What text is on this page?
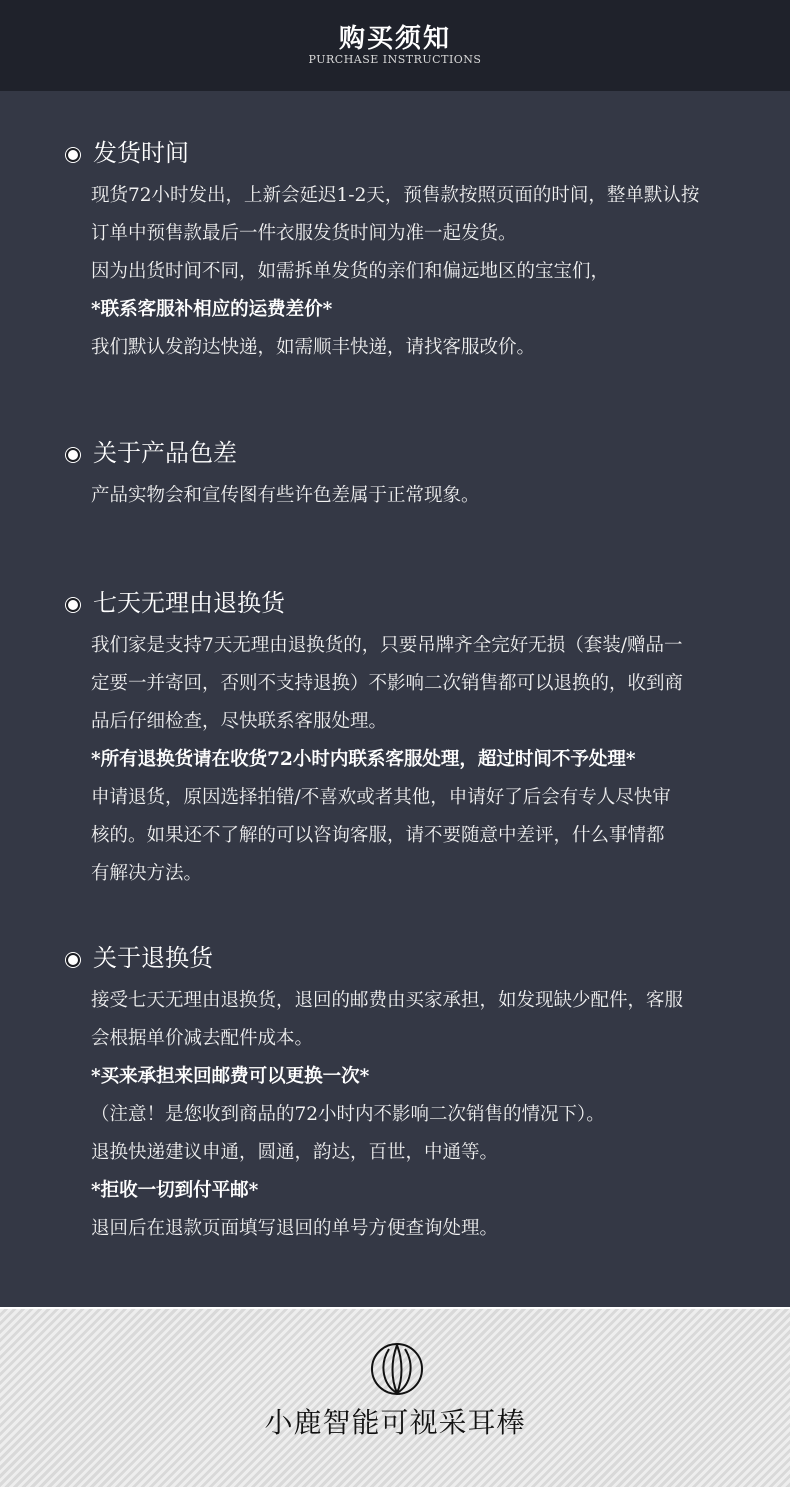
购买须知
PURCHASE INSTRUCTIONS
发货时间
现货72小时发出，上新会延迟1-2天，预售款按照页面的时间，整单默认按
订单中预售款最后一件衣服发货时间为准一起发货。
因为出货时间不同，如需拆单发货的亲们和偏远地区的宝宝们，
*联系客服补相应的运费差价*
我们默认发韵达快递，如需顺丰快递，请找客服改价。
关于产品色差
产品实物会和宣传图有些许色差属于正常现象。
七天无理由退换货
我们家是支持7天无理由退换货的，只要吊牌齐全完好无损（套装/赠品一
定要一并寄回，否则不支持退换）不影响二次销售都可以退换的，收到商
品后仔细检查，尽快联系客服处理。
*所有退换货请在收货72小时内联系客服处理，超过时间不予处理*
申请退货，原因选择拍错/不喜欢或者其他，申请好了后会有专人尽快审
核的。如果还不了解的可以咨询客服，请不要随意中差评，什么事情都
有解决方法。
关于退换货
接受七天无理由退换货，退回的邮费由买家承担，如发现缺少配件，客服
会根据单价减去配件成本。
*买来承担来回邮费可以更换一次*
（注意！是您收到商品的72小时内不影响二次销售的情况下）。
退换快递建议申通，圆通，韵达，百世，中通等。
*拒收一切到付平邮*
退回后在退款页面填写退回的单号方便查询处理。
小鹿智能可视采耳棒
